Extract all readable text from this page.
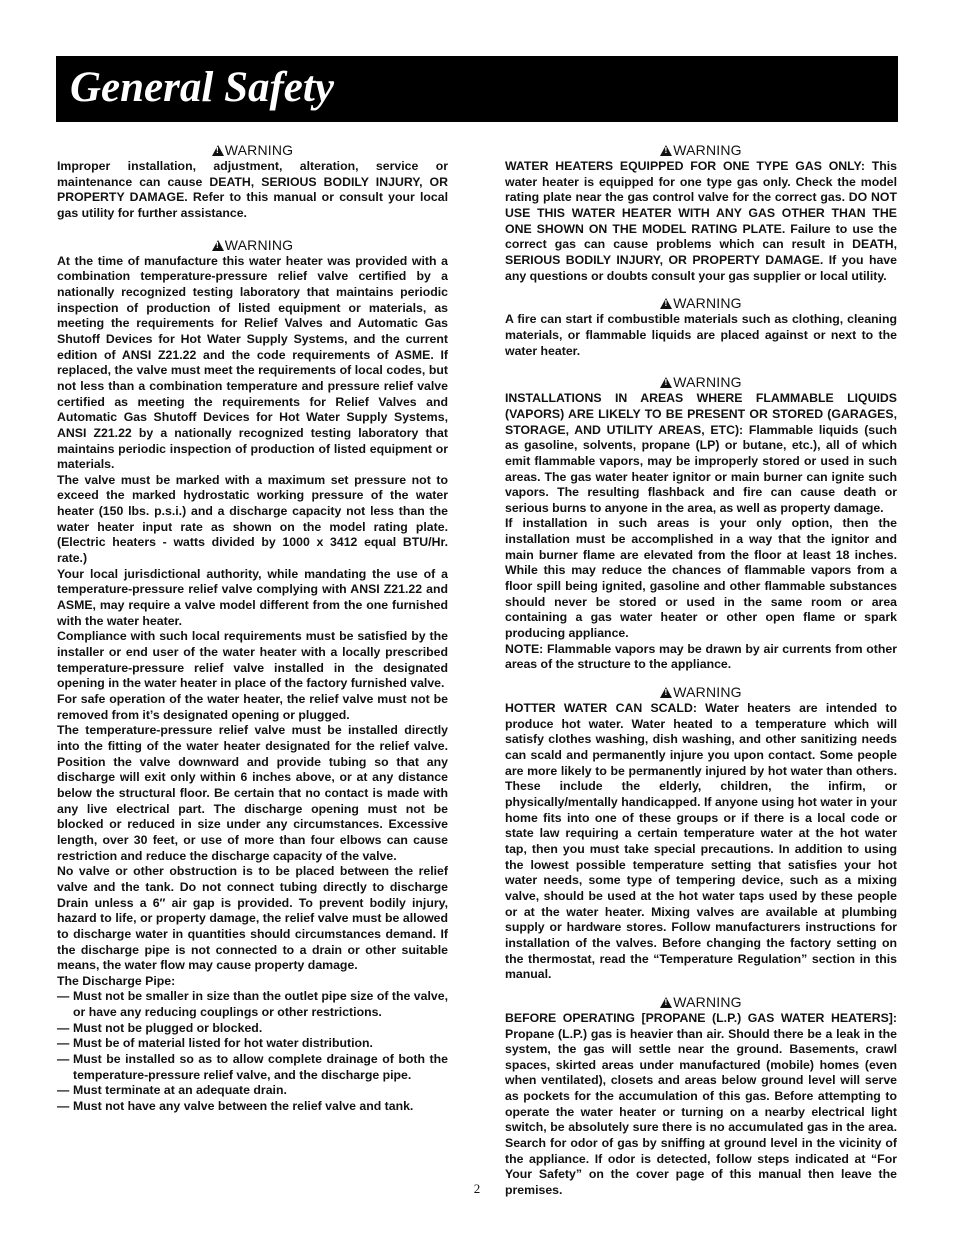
General Safety
!WARNING

Improper installation, adjustment, alteration, service or maintenance can cause DEATH, SERIOUS BODILY INJURY, OR PROPERTY DAMAGE. Refer to this manual or consult your local gas utility for further assistance.

!WARNING

At the time of manufacture this water heater was provided with a combination temperature-pressure relief valve certified by a nationally recognized testing laboratory that maintains periodic inspection of production of listed equipment or materials, as meeting the requirements for Relief Valves and Automatic Gas Shutoff Devices for Hot Water Supply Systems, and the current edition of ANSI Z21.22 and the code requirements of ASME. If replaced, the valve must meet the requirements of local codes, but not less than a combination temperature and pressure relief valve certified as meeting the requirements for Relief Valves and Automatic Gas Shutoff Devices for Hot Water Supply Systems, ANSI Z21.22 by a nationally recognized testing laboratory that maintains periodic inspection of production of listed equipment or materials.

The valve must be marked with a maximum set pressure not to exceed the marked hydrostatic working pressure of the water heater (150 lbs. p.s.i.) and a discharge capacity not less than the water heater input rate as shown on the model rating plate. (Electric heaters - watts divided by 1000 x 3412 equal BTU/Hr. rate.)

Your local jurisdictional authority, while mandating the use of a temperature-pressure relief valve complying with ANSI Z21.22 and ASME, may require a valve model different from the one furnished with the water heater.

Compliance with such local requirements must be satisfied by the installer or end user of the water heater with a locally prescribed temperature-pressure relief valve installed in the designated opening in the water heater in place of the factory furnished valve.

For safe operation of the water heater, the relief valve must not be removed from it’s designated opening or plugged.

The temperature-pressure relief valve must be installed directly into the fitting of the water heater designated for the relief valve. Position the valve downward and provide tubing so that any discharge will exit only within 6 inches above, or at any distance below the structural floor. Be certain that no contact is made with any live electrical part. The discharge opening must not be blocked or reduced in size under any circumstances. Excessive length, over 30 feet, or use of more than four elbows can cause restriction and reduce the discharge capacity of the valve.

No valve or other obstruction is to be placed between the relief valve and the tank. Do not connect tubing directly to discharge Drain unless a 6″ air gap is provided. To prevent bodily injury, hazard to life, or property damage, the relief valve must be allowed to discharge water in quantities should circumstances demand. If the discharge pipe is not connected to a drain or other suitable means, the water flow may cause property damage.

The Discharge Pipe:

— Must not be smaller in size than the outlet pipe size of the valve, or have any reducing couplings or other restrictions.
— Must not be plugged or blocked.
— Must be of material listed for hot water distribution.
— Must be installed so as to allow complete drainage of both the temperature-pressure relief valve, and the discharge pipe.
— Must terminate at an adequate drain.
— Must not have any valve between the relief valve and tank.
!WARNING

WATER HEATERS EQUIPPED FOR ONE TYPE GAS ONLY: This water heater is equipped for one type gas only. Check the model rating plate near the gas control valve for the correct gas. DO NOT USE THIS WATER HEATER WITH ANY GAS OTHER THAN THE ONE SHOWN ON THE MODEL RATING PLATE. Failure to use the correct gas can cause problems which can result in DEATH, SERIOUS BODILY INJURY, OR PROPERTY DAMAGE. If you have any questions or doubts consult your gas supplier or local utility.

!WARNING

A fire can start if combustible materials such as clothing, cleaning materials, or flammable liquids are placed against or next to the water heater.

!WARNING

INSTALLATIONS IN AREAS WHERE FLAMMABLE LIQUIDS (VAPORS) ARE LIKELY TO BE PRESENT OR STORED (GARAGES, STORAGE, AND UTILITY AREAS, ETC): Flammable liquids (such as gasoline, solvents, propane (LP) or butane, etc.), all of which emit flammable vapors, may be improperly stored or used in such areas. The gas water heater ignitor or main burner can ignite such vapors. The resulting flashback and fire can cause death or serious burns to anyone in the area, as well as property damage.

If installation in such areas is your only option, then the installation must be accomplished in a way that the ignitor and main burner flame are elevated from the floor at least 18 inches. While this may reduce the chances of flammable vapors from a floor spill being ignited, gasoline and other flammable substances should never be stored or used in the same room or area containing a gas water heater or other open flame or spark producing appliance.

NOTE: Flammable vapors may be drawn by air currents from other areas of the structure to the appliance.

!WARNING

HOTTER WATER CAN SCALD: Water heaters are intended to produce hot water. Water heated to a temperature which will satisfy clothes washing, dish washing, and other sanitizing needs can scald and permanently injure you upon contact. Some people are more likely to be permanently injured by hot water than others. These include the elderly, children, the infirm, or physically/mentally handicapped. If anyone using hot water in your home fits into one of these groups or if there is a local code or state law requiring a certain temperature water at the hot water tap, then you must take special precautions. In addition to using the lowest possible temperature setting that satisfies your hot water needs, some type of tempering device, such as a mixing valve, should be used at the hot water taps used by these people or at the water heater. Mixing valves are available at plumbing supply or hardware stores. Follow manufacturers instructions for installation of the valves. Before changing the factory setting on the thermostat, read the “Temperature Regulation” section in this manual.

!WARNING

BEFORE OPERATING [PROPANE (L.P.) GAS WATER HEATERS]: Propane (L.P.) gas is heavier than air. Should there be a leak in the system, the gas will settle near the ground. Basements, crawl spaces, skirted areas under manufactured (mobile) homes (even when ventilated), closets and areas below ground level will serve as pockets for the accumulation of this gas. Before attempting to operate the water heater or turning on a nearby electrical light switch, be absolutely sure there is no accumulated gas in the area. Search for odor of gas by sniffing at ground level in the vicinity of the appliance. If odor is detected, follow steps indicated at “For Your Safety” on the cover page of this manual then leave the premises.

2
